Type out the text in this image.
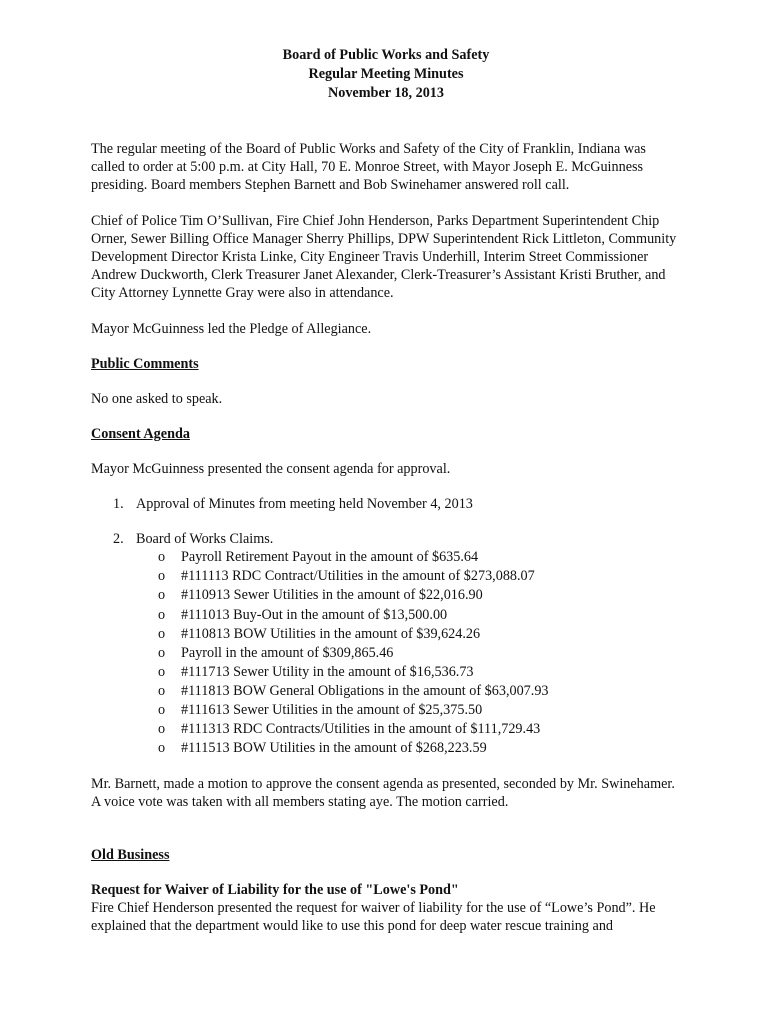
Board of Public Works and Safety
Regular Meeting Minutes
November 18, 2013

The regular meeting of the Board of Public Works and Safety of the City of Franklin, Indiana was called to order at 5:00 p.m. at City Hall, 70 E. Monroe Street, with Mayor Joseph E. McGuinness presiding. Board members Stephen Barnett and Bob Swinehamer answered roll call.

Chief of Police Tim O’Sullivan, Fire Chief John Henderson, Parks Department Superintendent Chip Orner, Sewer Billing Office Manager Sherry Phillips, DPW Superintendent Rick Littleton, Community Development Director Krista Linke, City Engineer Travis Underhill, Interim Street Commissioner Andrew Duckworth, Clerk Treasurer Janet Alexander, Clerk-Treasurer’s Assistant Kristi Bruther, and City Attorney Lynnette Gray were also in attendance.

Mayor McGuinness led the Pledge of Allegiance.

Public Comments

No one asked to speak.

Consent Agenda

Mayor McGuinness presented the consent agenda for approval.

1. Approval of Minutes from meeting held November 4, 2013
2. Board of Works Claims.
o Payroll Retirement Payout in the amount of $635.64
o #111113 RDC Contract/Utilities in the amount of $273,088.07
o #110913 Sewer Utilities in the amount of $22,016.90
o #111013 Buy-Out in the amount of $13,500.00
o #110813 BOW Utilities in the amount of $39,624.26
o Payroll in the amount of $309,865.46
o #111713 Sewer Utility in the amount of $16,536.73
o #111813 BOW General Obligations in the amount of $63,007.93
o #111613 Sewer Utilities in the amount of $25,375.50
o #111313 RDC Contracts/Utilities in the amount of $111,729.43
o #111513 BOW Utilities in the amount of $268,223.59

Mr. Barnett, made a motion to approve the consent agenda as presented, seconded by Mr. Swinehamer. A voice vote was taken with all members stating aye. The motion carried.

Old Business
Request for Waiver of Liability for the use of "Lowe's Pond"

Fire Chief Henderson presented the request for waiver of liability for the use of “Lowe’s Pond”. He explained that the department would like to use this pond for deep water rescue training and
